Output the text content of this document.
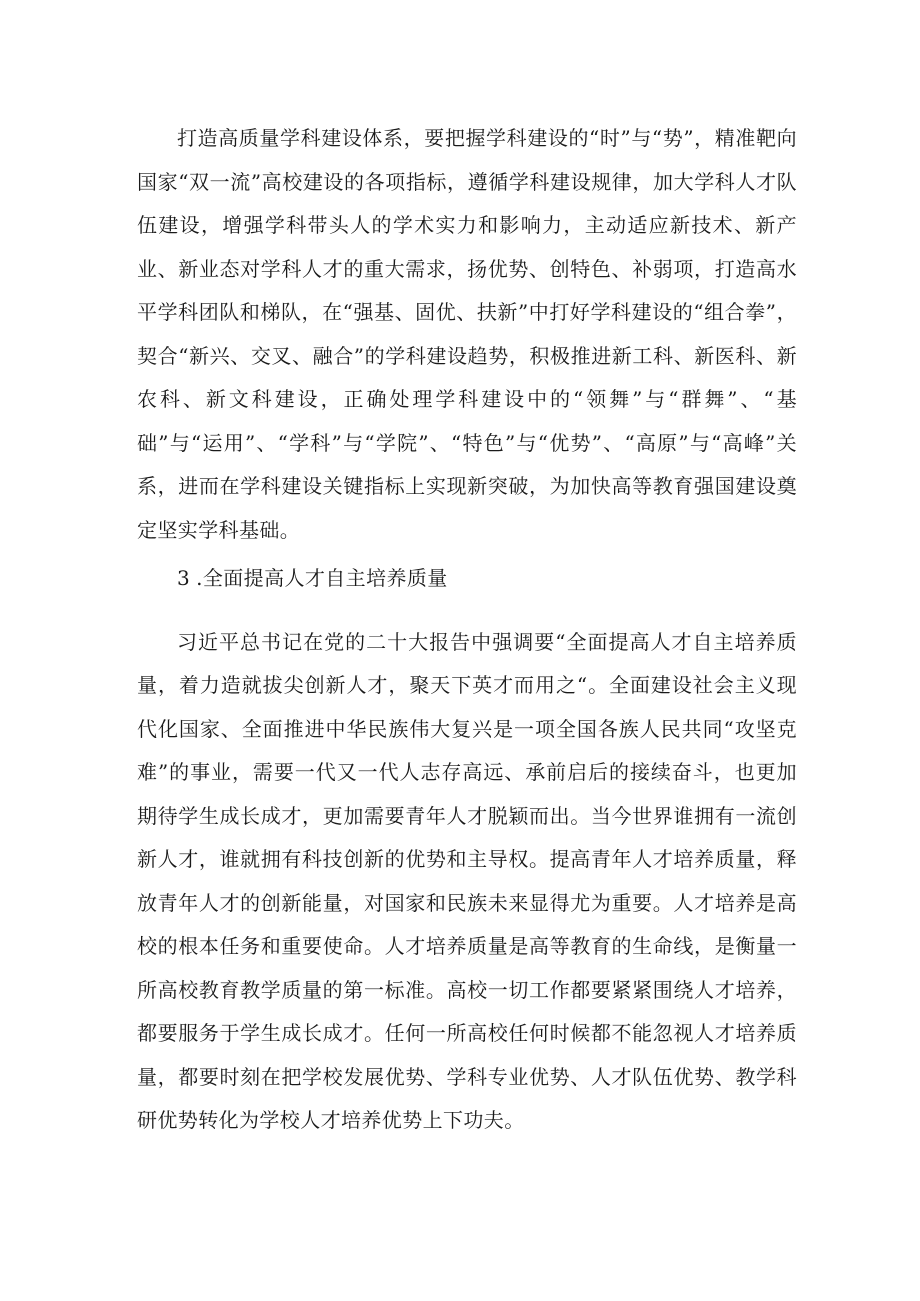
打造高质量学科建设体系，要把握学科建设的“时”与“势”，精准靶向国家“双一流”高校建设的各项指标，遵循学科建设规律，加大学科人才队伍建设，增强学科带头人的学术实力和影响力，主动适应新技术、新产业、新业态对学科人才的重大需求，扬优势、创特色、补弱项，打造高水平学科团队和梯队，在“强基、固优、扶新”中打好学科建设的“组合拳”，契合“新兴、交叉、融合”的学科建设趋势，积极推进新工科、新医科、新农科、新文科建设，正确处理学科建设中的“领舞”与“群舞”、“基础”与“运用”、“学科”与“学院”、“特色”与“优势”、“高原”与“高峰”关系，进而在学科建设关键指标上实现新突破，为加快高等教育强国建设奠定坚实学科基础。

3 .全面提高人才自主培养质量

习近平总书记在党的二十大报告中强调要“全面提高人才自主培养质量，着力造就拔尖创新人才，聚天下英才而用之“。全面建设社会主义现代化国家、全面推进中华民族伟大复兴是一项全国各族人民共同“攻坚克难”的事业，需要一代又一代人志存高远、承前启后的接续奋斗，也更加期待学生成长成才，更加需要青年人才脱颖而出。当今世界谁拥有一流创新人才，谁就拥有科技创新的优势和主导权。提高青年人才培养质量，释放青年人才的创新能量，对国家和民族未来显得尤为重要。人才培养是高校的根本任务和重要使命。人才培养质量是高等教育的生命线，是衡量一所高校教育教学质量的第一标准。高校一切工作都要紧紧围绕人才培养，都要服务于学生成长成才。任何一所高校任何时候都不能忽视人才培养质量，都要时刻在把学校发展优势、学科专业优势、人才队伍优势、教学科研优势转化为学校人才培养优势上下功夫。
